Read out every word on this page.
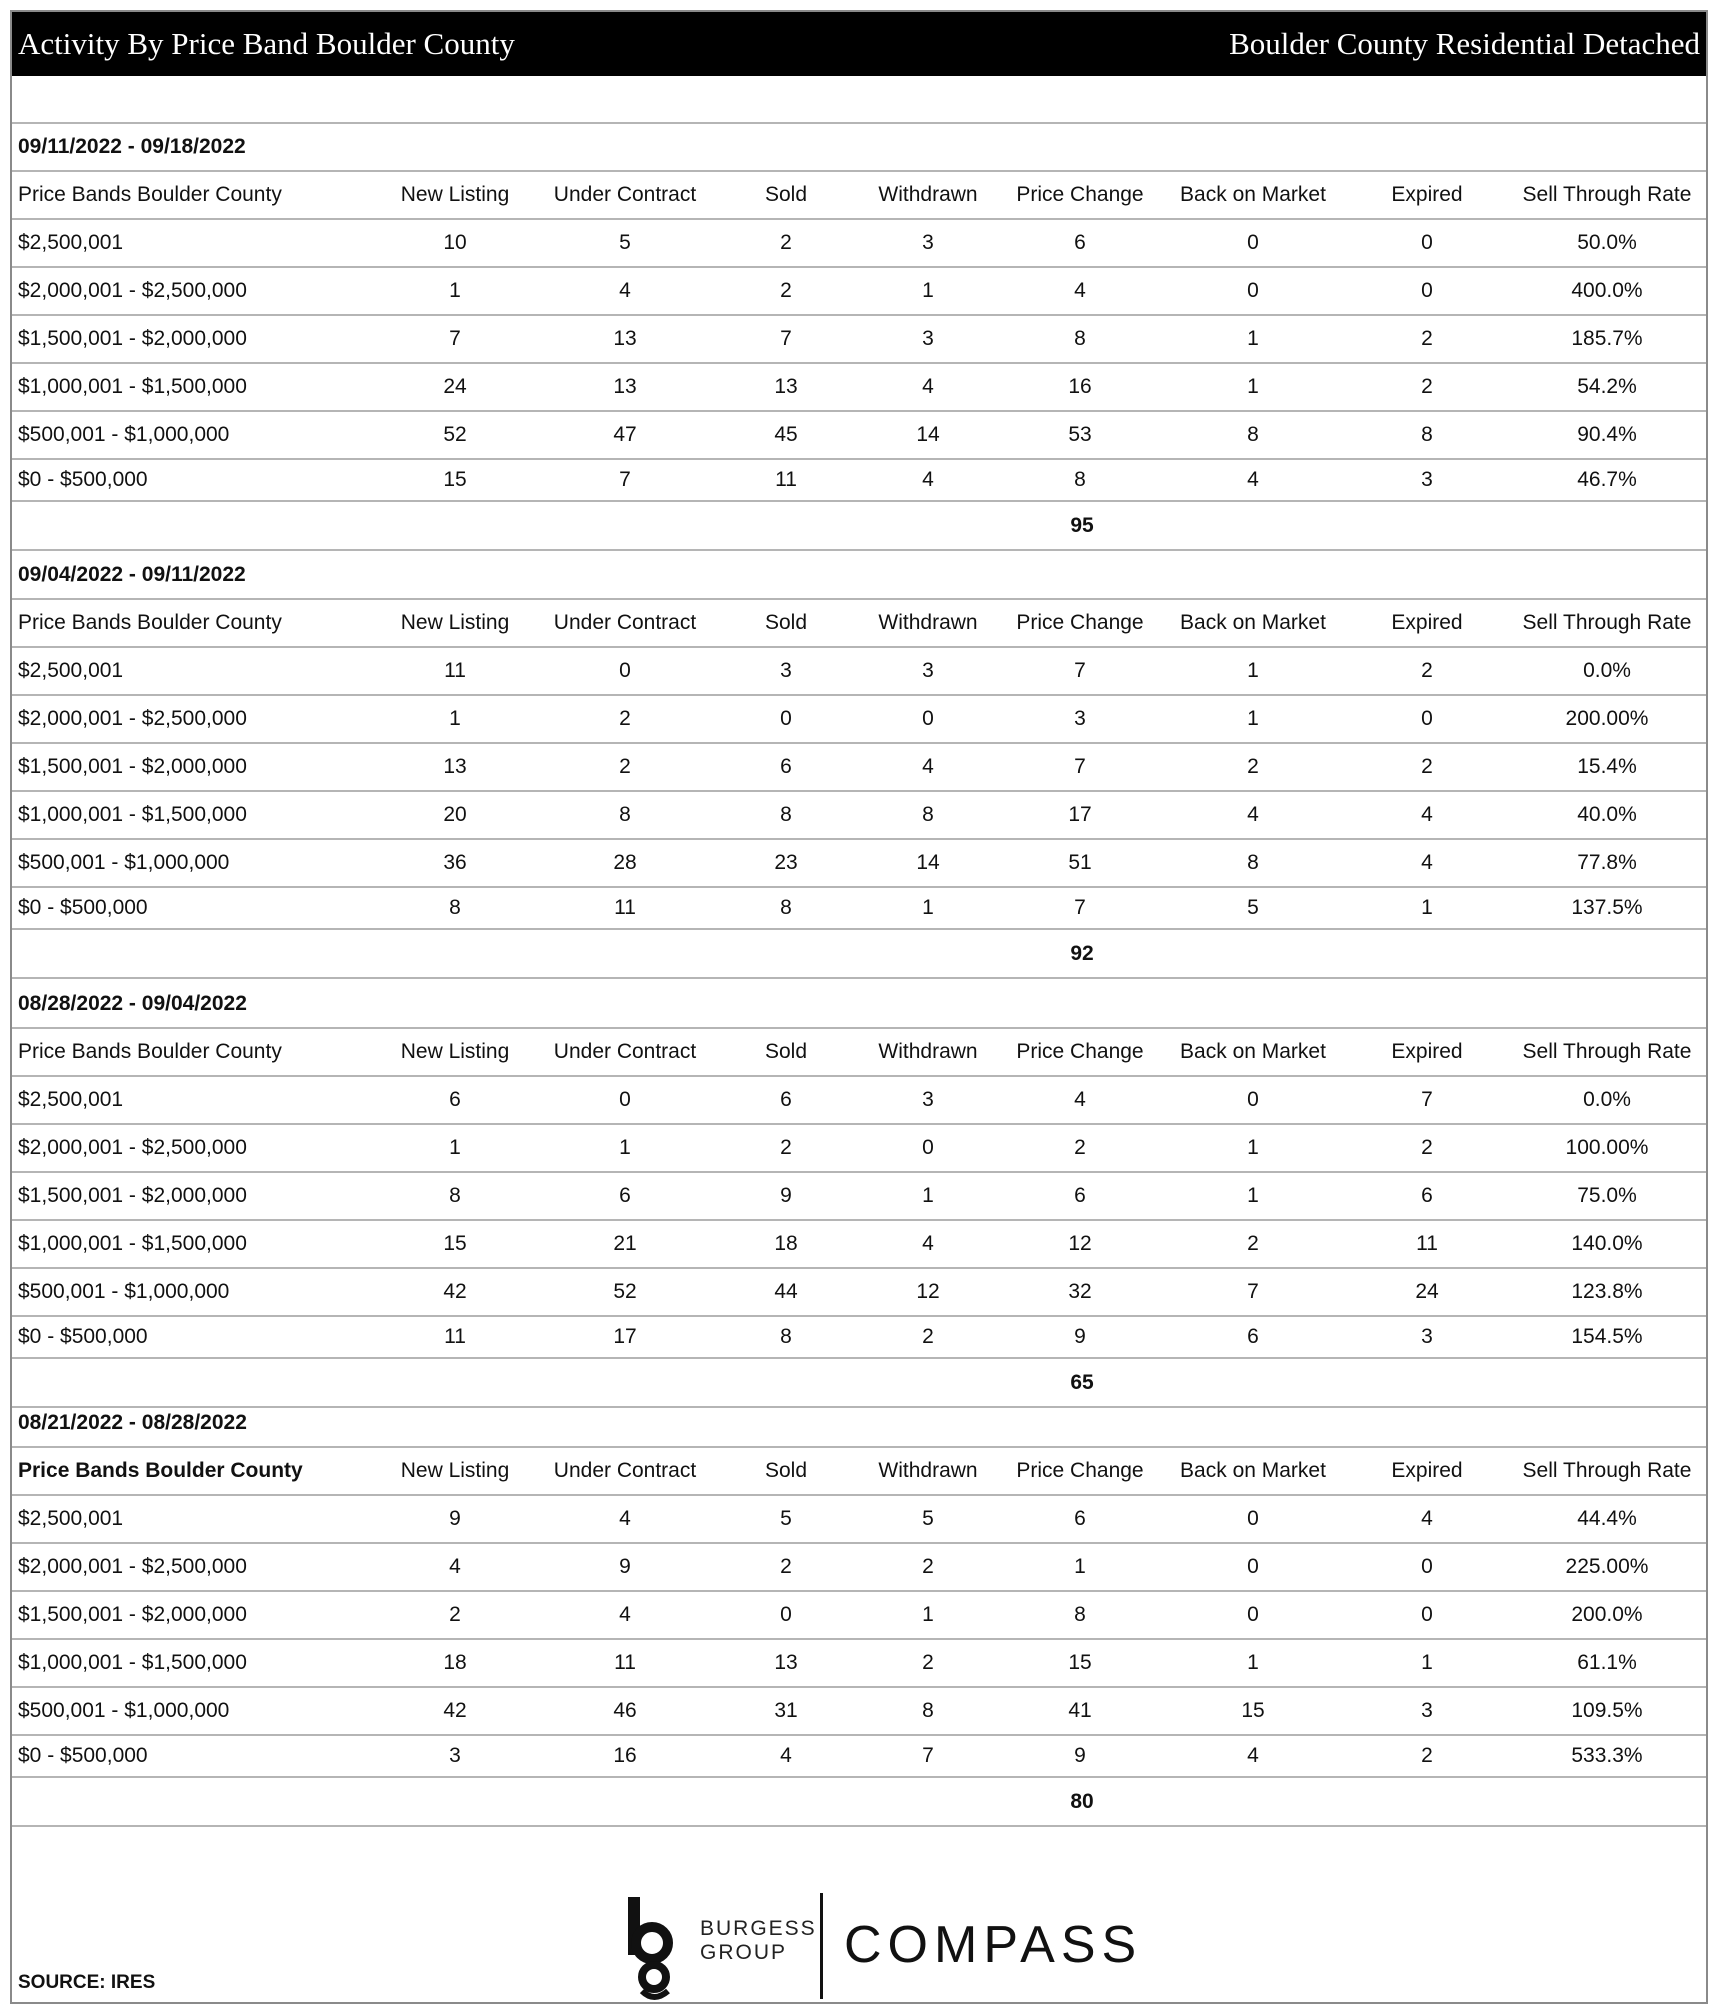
Activity By Price Band Boulder County	Boulder County Residential Detached
09/11/2022 - 09/18/2022
Price Bands Boulder County	New Listing	Under Contract	Sold	Withdrawn	Price Change	Back on Market	Expired	Sell Through Rate
$2,500,001	10	5	2	3	6	0	0	50.0%
$2,000,001 - $2,500,000	1	4	2	1	4	0	0	400.0%
$1,500,001 - $2,000,000	7	13	7	3	8	1	2	185.7%
$1,000,001 - $1,500,000	24	13	13	4	16	1	2	54.2%
$500,001 - $1,000,000	52	47	45	14	53	8	8	90.4%
$0 - $500,000	15	7	11	4	8	4	3	46.7%
95
09/04/2022 - 09/11/2022
Price Bands Boulder County	New Listing	Under Contract	Sold	Withdrawn	Price Change	Back on Market	Expired	Sell Through Rate
$2,500,001	11	0	3	3	7	1	2	0.0%
$2,000,001 - $2,500,000	1	2	0	0	3	1	0	200.00%
$1,500,001 - $2,000,000	13	2	6	4	7	2	2	15.4%
$1,000,001 - $1,500,000	20	8	8	8	17	4	4	40.0%
$500,001 - $1,000,000	36	28	23	14	51	8	4	77.8%
$0 - $500,000	8	11	8	1	7	5	1	137.5%
92
08/28/2022 - 09/04/2022
Price Bands Boulder County	New Listing	Under Contract	Sold	Withdrawn	Price Change	Back on Market	Expired	Sell Through Rate
$2,500,001	6	0	6	3	4	0	7	0.0%
$2,000,001 - $2,500,000	1	1	2	0	2	1	2	100.00%
$1,500,001 - $2,000,000	8	6	9	1	6	1	6	75.0%
$1,000,001 - $1,500,000	15	21	18	4	12	2	11	140.0%
$500,001 - $1,000,000	42	52	44	12	32	7	24	123.8%
$0 - $500,000	11	17	8	2	9	6	3	154.5%
65
08/21/2022 - 08/28/2022
Price Bands Boulder County	New Listing	Under Contract	Sold	Withdrawn	Price Change	Back on Market	Expired	Sell Through Rate
$2,500,001	9	4	5	5	6	0	4	44.4%
$2,000,001 - $2,500,000	4	9	2	2	1	0	0	225.00%
$1,500,001 - $2,000,000	2	4	0	1	8	0	0	200.0%
$1,000,001 - $1,500,000	18	11	13	2	15	1	1	61.1%
$500,001 - $1,000,000	42	46	31	8	41	15	3	109.5%
$0 - $500,000	3	16	4	7	9	4	2	533.3%
80
SOURCE: IRES
BURGESS
GROUP	COMPASS
